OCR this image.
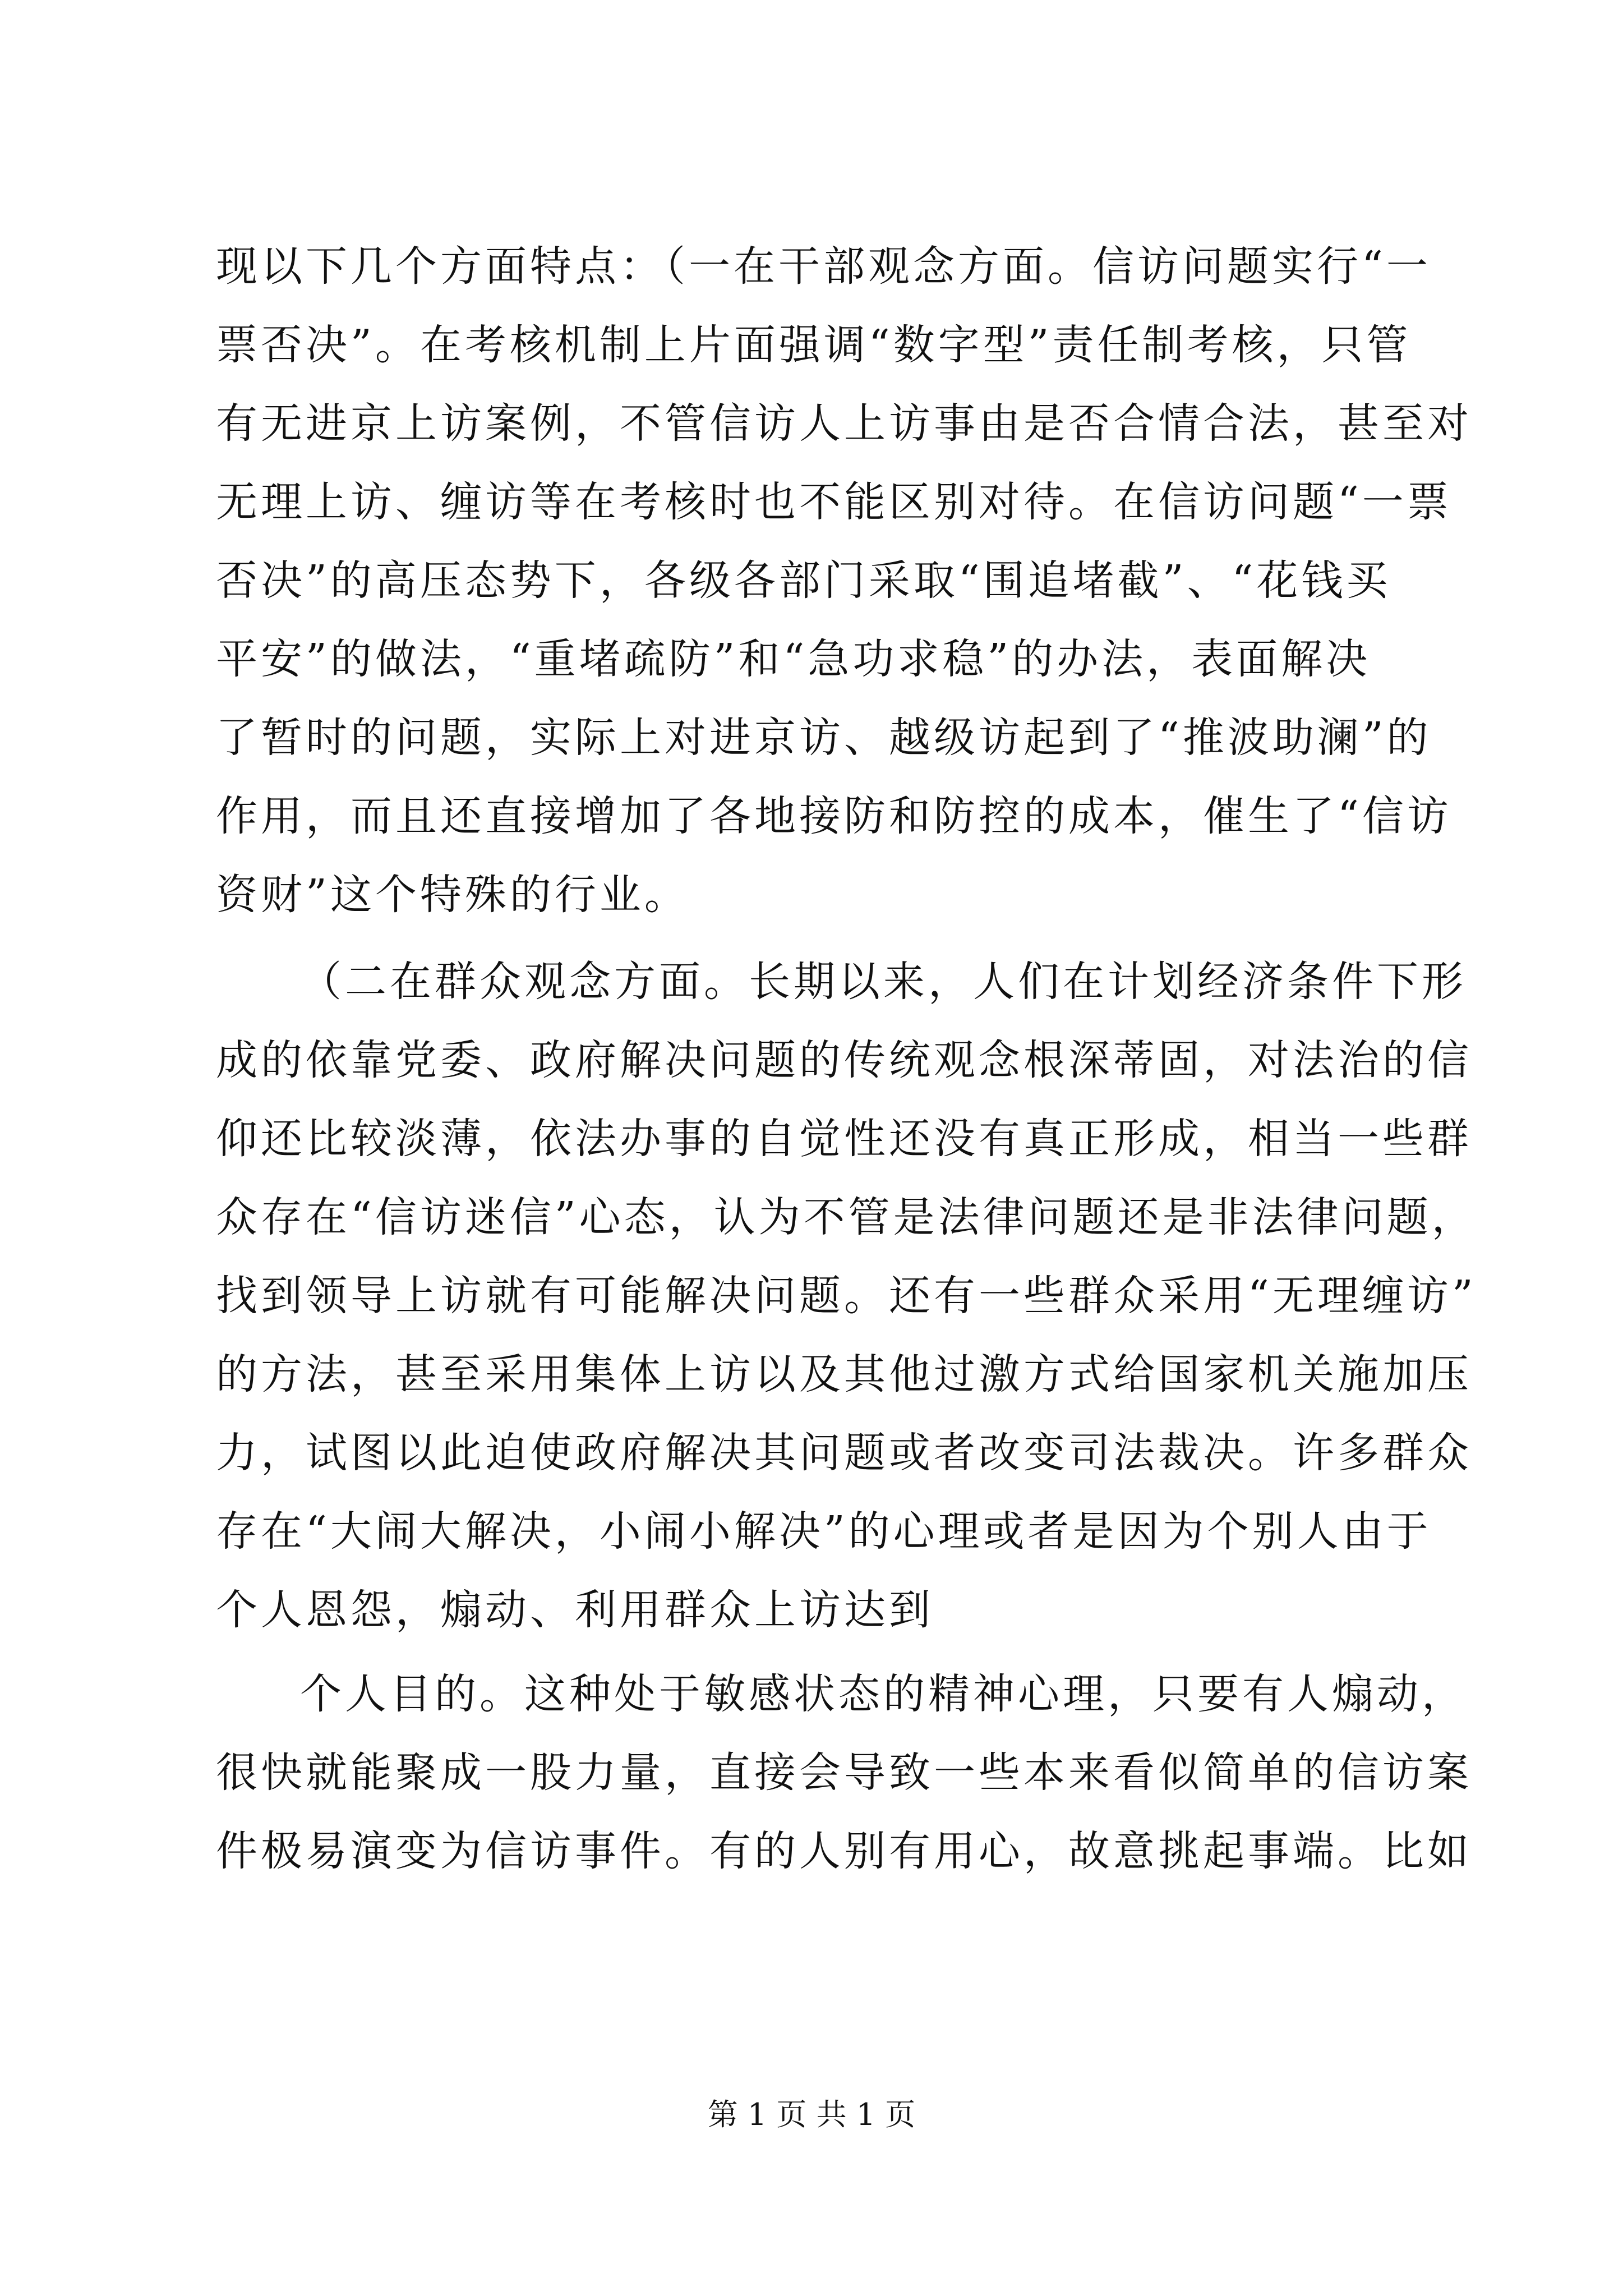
现以下几个方面特点：（一在干部观念方面。信访问题实行“一
票否决”。在考核机制上片面强调“数字型”责任制考核，只管
有无进京上访案例，不管信访人上访事由是否合情合法，甚至对
无理上访、缠访等在考核时也不能区别对待。在信访问题“一票
否决”的高压态势下，各级各部门采取“围追堵截”、“花钱买
平安”的做法，“重堵疏防”和“急功求稳”的办法，表面解决
了暂时的问题，实际上对进京访、越级访起到了“推波助澜”的
作用，而且还直接增加了各地接防和防控的成本，催生了“信访
资财”这个特殊的行业。
（二在群众观念方面。长期以来，人们在计划经济条件下形
成的依靠党委、政府解决问题的传统观念根深蒂固，对法治的信
仰还比较淡薄，依法办事的自觉性还没有真正形成，相当一些群
众存在“信访迷信”心态，认为不管是法律问题还是非法律问题，
找到领导上访就有可能解决问题。还有一些群众采用“无理缠访”
的方法，甚至采用集体上访以及其他过激方式给国家机关施加压
力，试图以此迫使政府解决其问题或者改变司法裁决。许多群众
存在“大闹大解决，小闹小解决”的心理或者是因为个别人由于
个人恩怨，煽动、利用群众上访达到
个人目的。这种处于敏感状态的精神心理，只要有人煽动，
很快就能聚成一股力量，直接会导致一些本来看似简单的信访案
件极易演变为信访事件。有的人别有用心，故意挑起事端。比如
第 1 页 共 1 页
